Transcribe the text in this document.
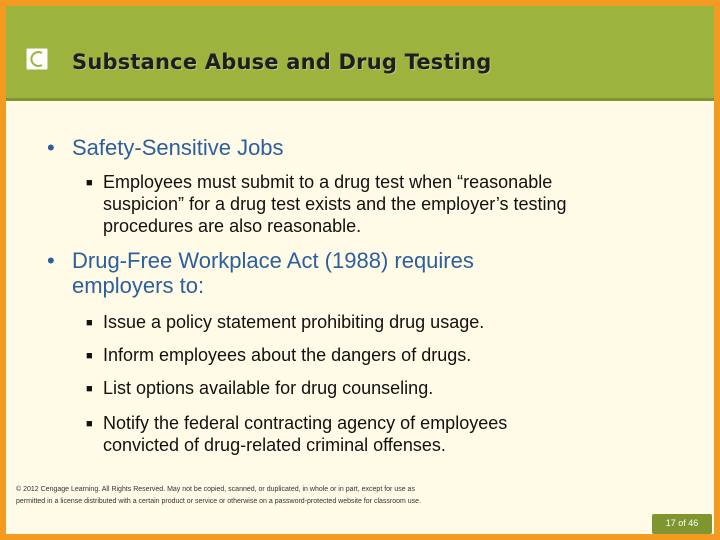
Substance Abuse and Drug Testing
• Safety-Sensitive Jobs
■ Employees must submit to a drug test when “reasonable
suspicion” for a drug test exists and the employer’s testing
procedures are also reasonable.
• Drug-Free Workplace Act (1988) requires
employers to:
■ Issue a policy statement prohibiting drug usage.
■ Inform employees about the dangers of drugs.
■ List options available for drug counseling.
■ Notify the federal contracting agency of employees
convicted of drug-related criminal offenses.
© 2012 Cengage Learning. All Rights Reserved. May not be copied, scanned, or duplicated, in whole or in part, except for use as
permitted in a license distributed with a certain product or service or otherwise on a password-protected website for classroom use.
17 of 46
